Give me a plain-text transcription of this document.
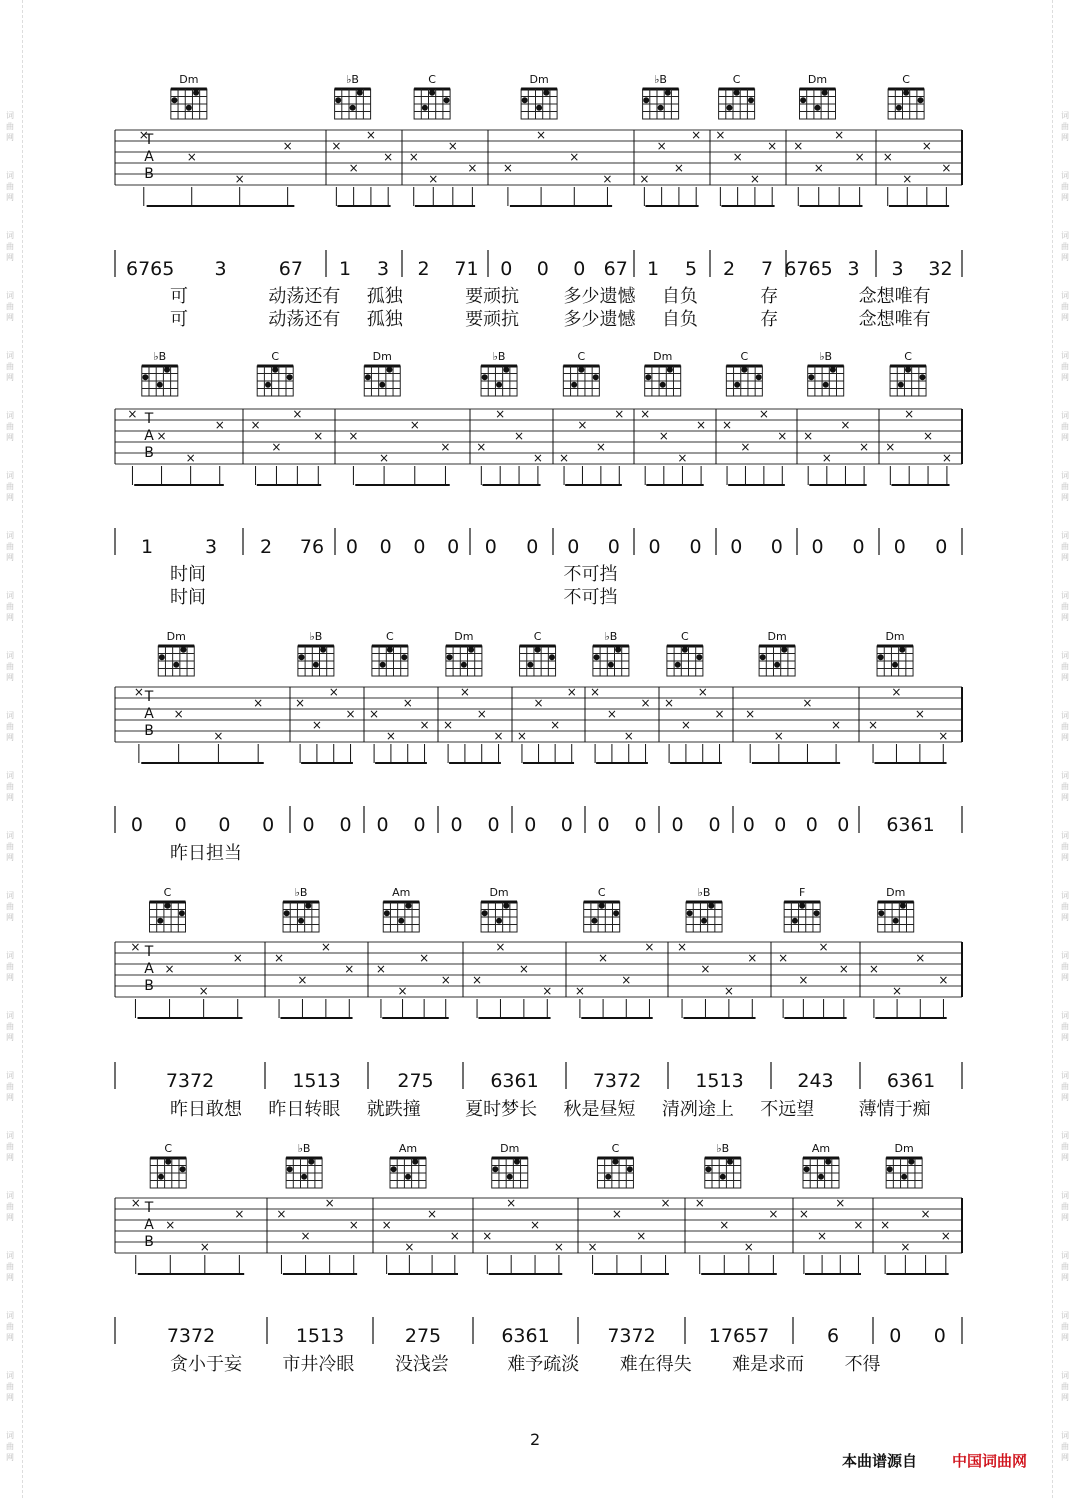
词
曲
网
词
曲
网
词
曲
网
词
曲
网
词
曲
网
词
曲
网
词
曲
网
词
曲
网
词
曲
网
词
曲
网
词
曲
网
词
曲
网
词
曲
网
词
曲
网
词
曲
网
词
曲
网
词
曲
网
词
曲
网
词
曲
网
词
曲
网
词
曲
网
词
曲
网
词
曲
网
词
曲
网
词
曲
网
词
曲
网
词
曲
网
词
曲
网
词
曲
网
词
曲
网
词
曲
网
词
曲
网
词
曲
网
词
曲
网
词
曲
网
词
曲
网
词
曲
网
词
曲
网
词
曲
网
词
曲
网
词
曲
网
词
曲
网
词
曲
网
词
曲
网
词
曲
网
词
曲
网
T
A
B
Dm
×
×
×
×
6765 3	67
♭B
×
×
×
×
1 3
C
×
×
×
×
2 71
Dm
×
×
×
×
0 0 0 67
♭B
×
×
×
×
1 5
C
×
×
×
×
2 7
Dm
×
×
×
×
6765 3
C
×
×
×
×
3 32
可	动荡还有 孤独	要顽抗 多少遗憾 自负	存	念想唯有
可	动荡还有 孤独	要顽抗 多少遗憾 自负	存	念想唯有
T
A
B
♭B
×
×
×
×
1	3
C
×
×
×
×
2 76
Dm
×
×
×
×
0 0 0 0
♭B
×
×
×
×
0 0
C
×
×
×
×
0 0
Dm
×
×
×
×
0 0
C
×
×
×
×
0 0
♭B
×
×
×
×
0 0
C
×
×
×
×
0 0
时间	不可挡
时间	不可挡
T
A
B
Dm
×
×
×
×
0 0 0 0
♭B
×
×
×
×
0 0
C
×
×
×
×
0 0
Dm
×
×
×
×
0 0
C
×
×
×
×
0 0
♭B
×
×
×
×
0 0
C
×
×
×
×
0 0
Dm
×
×
×
×
0 0 0 0
Dm
×
×
×
×
6361
昨日担当
T
A
B
C
×
×
×
×
7372
♭B
×
×
×
×
1513
Am
×
×
×
×
275
Dm
×
×
×
×
6361
C
×
×
×
×
7372
♭B
×
×
×
×
1513
F
×
×
×
×
243
Dm
×
×
×
×
6361
昨日敢想 昨日转眼 就跌撞 夏时梦长 秋是昼短 清冽途上 不远望 薄情于痴
T
A
B
C
×
×
×
×
7372
♭B
×
×
×
×
1513
Am
×
×
×
×
275
Dm
×
×
×
×
6361
C
×
×
×
×
7372
♭B
×
×
×
×
17657
Am
×
×
×
×
6
Dm
×
×
×
×
0 0
贪小于妄 市井冷眼 没浅尝	难予疏淡 难在得失 难是求而 不得
2
本曲谱源自 中国词曲网
